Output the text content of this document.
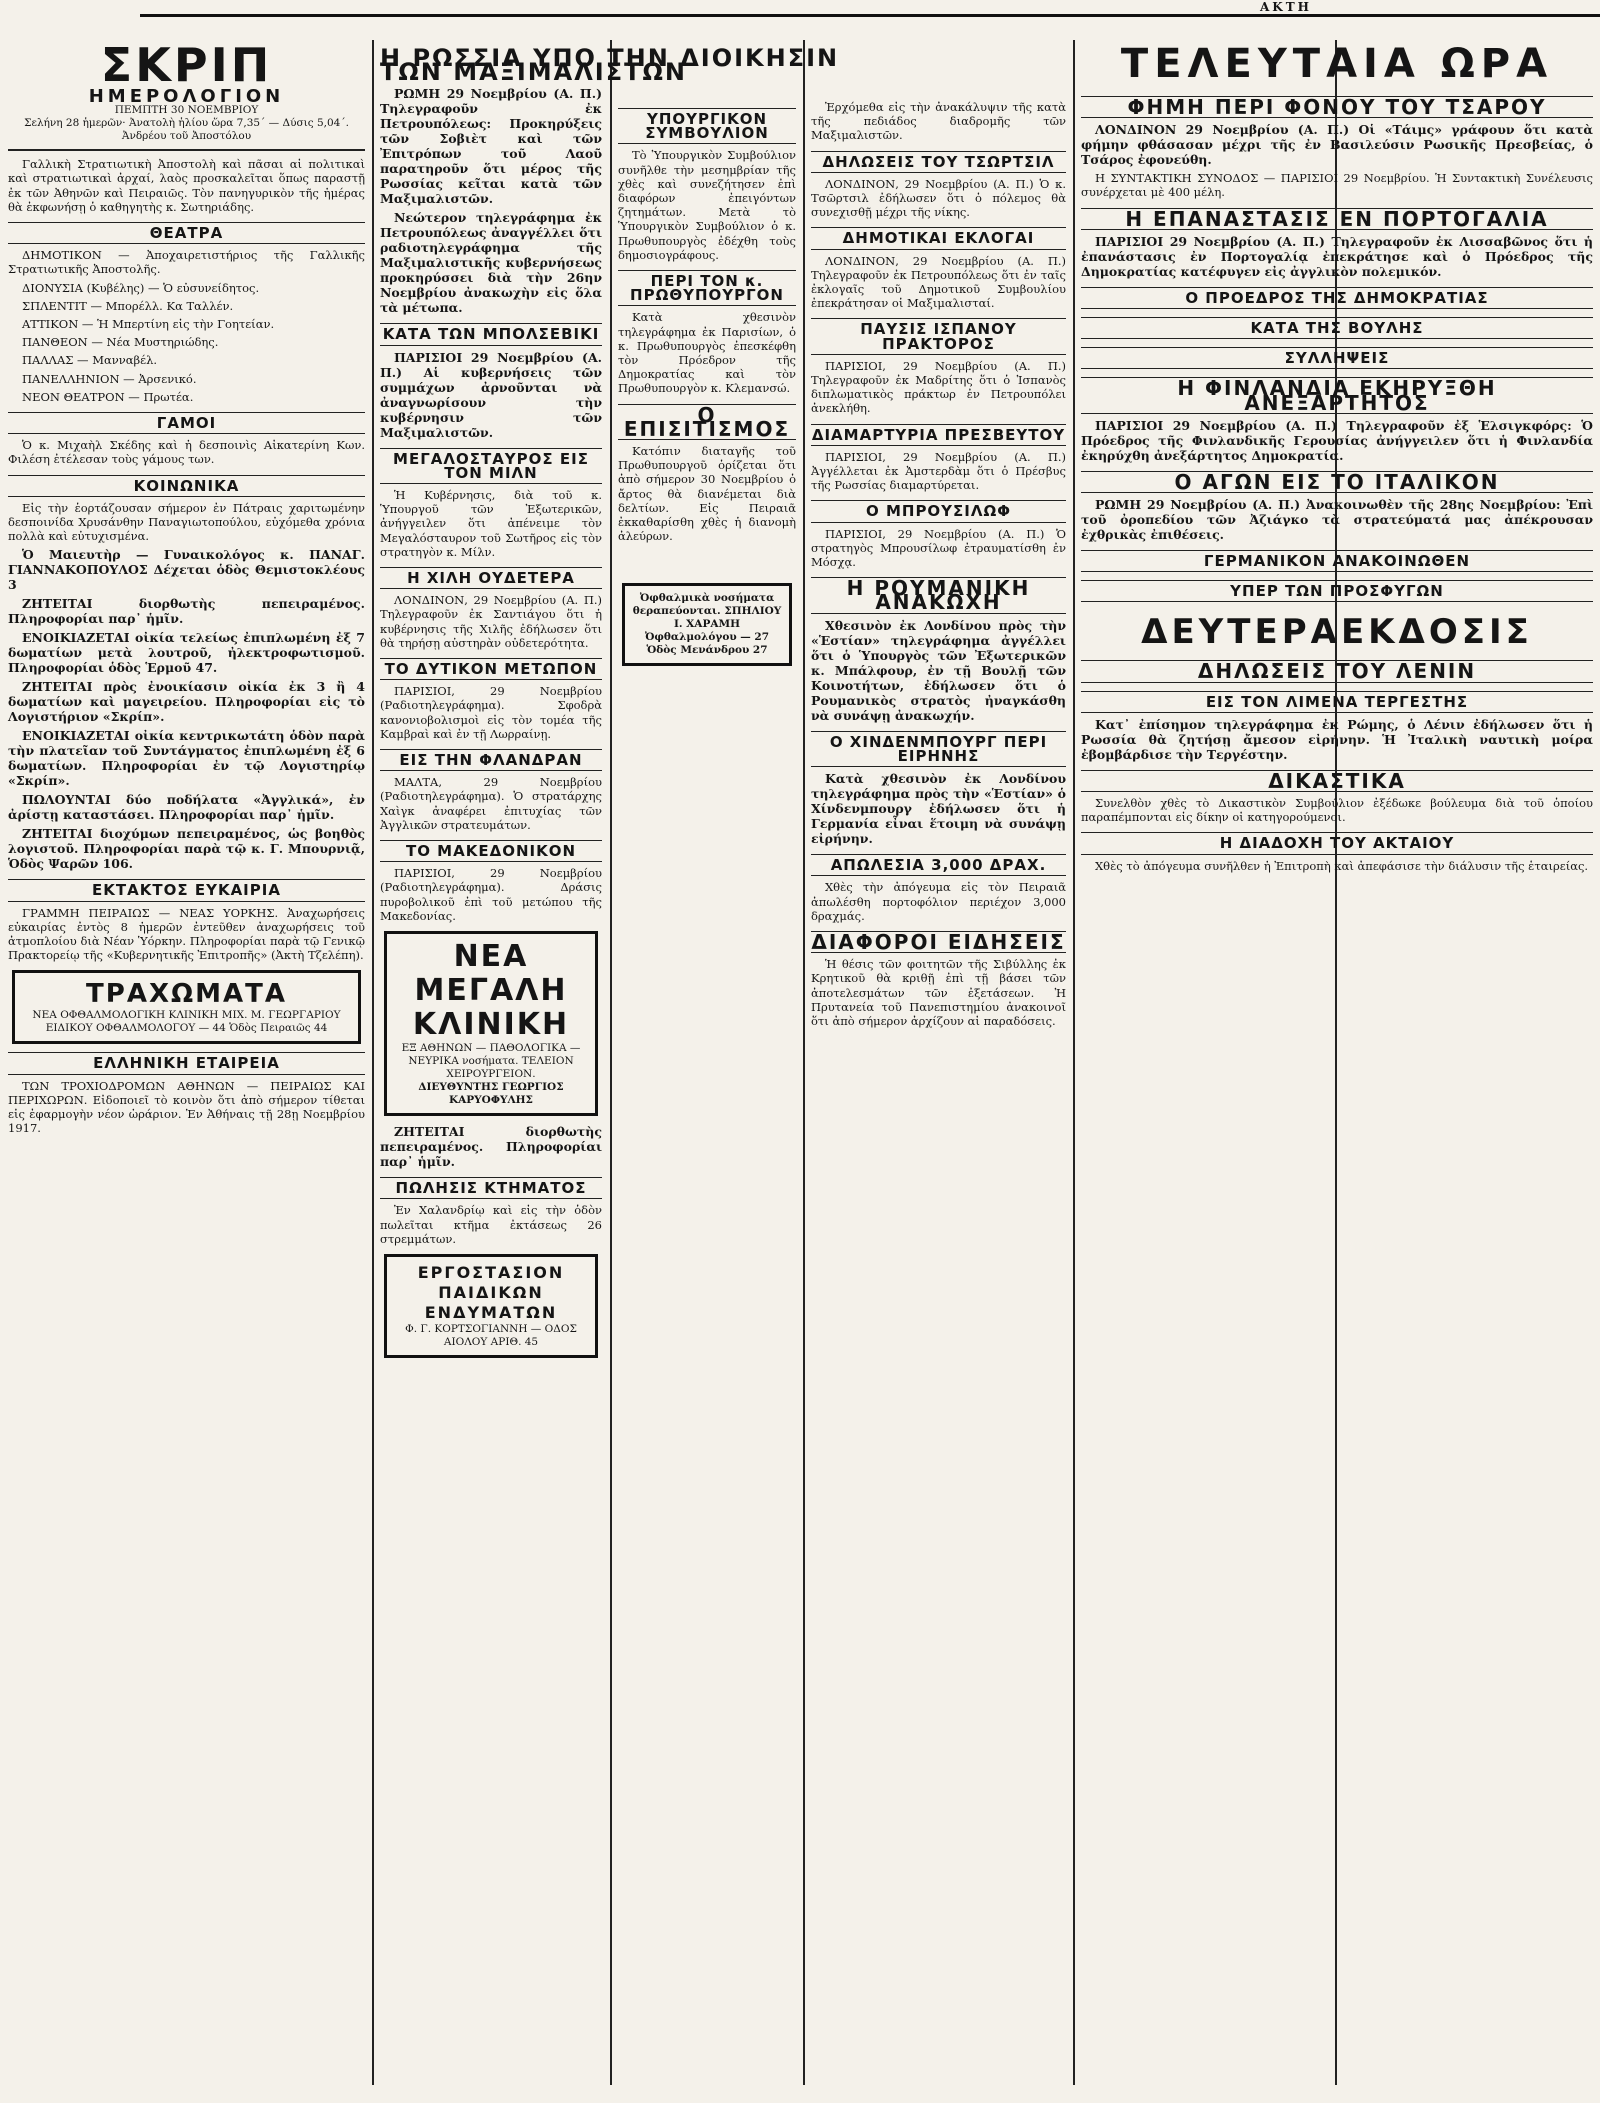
ΑΚΤΗ
ΣΚΡΙΠ
ΗΜΕΡΟΛΟΓΙΟΝ
ΠΕΜΠΤΗ 30 ΝΟΕΜΒΡΙΟΥ
Σελήνη 28 ἡμερῶν· Ἀνατολὴ ἡλίου ὥρα 7,35΄ — Δύσις 5,04΄. Ἀνδρέου τοῦ Ἀποστόλου

Γαλλικὴ Στρατιωτικὴ Ἀποστολὴ καὶ πᾶσαι αἱ πολιτικαὶ καὶ στρατιωτικαὶ ἀρχαί, λαὸς προσκαλεῖται ὅπως παραστῇ ἐκ τῶν Ἀθηνῶν καὶ Πειραιῶς. Τὸν πανηγυρικὸν τῆς ἡμέρας θὰ ἐκφωνήσῃ ὁ καθηγητὴς κ. Σωτηριάδης.

ΘΕΑΤΡΑ

ΔΗΜΟΤΙΚΟΝ — Ἀποχαιρετιστήριος τῆς Γαλλικῆς Στρατιωτικῆς Ἀποστολῆς.

ΔΙΟΝΥΣΙΑ (Κυβέλης) — Ὁ εὐσυνείδητος.

ΣΠΛΕΝΤΙΤ — Μπορέλλ. Κα Ταλλέν.

ΑΤΤΙΚΟΝ — Ἡ Μπερτίνη εἰς τὴν Γοητείαν.

ΠΑΝΘΕΟΝ — Νέα Μυστηριώδης.

ΠΑΛΛΑΣ — Μανναβέλ.

ΠΑΝΕΛΛΗΝΙΟΝ — Ἀρσενικό.

ΝΕΟΝ ΘΕΑΤΡΟΝ — Πρωτέα.

ΓΑΜΟΙ

Ὁ κ. Μιχαὴλ Σκέδης καὶ ἡ δεσποινὶς Αἰκατερίνη Κων. Φιλέση ἐτέλεσαν τοὺς γάμους των.

ΚΟΙΝΩΝΙΚΑ

Εἰς τὴν ἑορτάζουσαν σήμερον ἐν Πάτραις χαριτωμένην δεσποινίδα Χρυσάνθην Παναγιωτοπούλου, εὐχόμεθα χρόνια πολλὰ καὶ εὐτυχισμένα.

Ὁ Μαιευτὴρ — Γυναικολόγος κ. ΠΑΝΑΓ. ΓΙΑΝΝΑΚΟΠΟΥΛΟΣ Δέχεται ὁδὸς Θεμιστοκλέους 3

ΖΗΤΕΙΤΑΙ διορθωτὴς πεπειραμένος. Πληροφορίαι παρ᾽ ἡμῖν.

ΕΝΟΙΚΙΑΖΕΤΑΙ οἰκία τελείως ἐπιπλωμένη ἐξ 7 δωματίων μετὰ λουτροῦ, ἠλεκτροφωτισμοῦ. Πληροφορίαι ὁδὸς Ἑρμοῦ 47.

ΖΗΤΕΙΤΑΙ πρὸς ἐνοικίασιν οἰκία ἐκ 3 ἢ 4 δωματίων καὶ μαγειρείου. Πληροφορίαι εἰς τὸ Λογιστήριον «Σκρίπ».

ΕΝΟΙΚΙΑΖΕΤΑΙ οἰκία κεντρικωτάτη ὁδὸν παρὰ τὴν πλατεῖαν τοῦ Συντάγματος ἐπιπλωμένη ἐξ 6 δωματίων. Πληροφορίαι ἐν τῷ Λογιστηρίῳ «Σκρίπ».

ΠΩΛΟΥΝΤΑΙ δύο ποδήλατα «Ἀγγλικά», ἐν ἀρίστῃ καταστάσει. Πληροφορίαι παρ᾽ ἡμῖν.

ΖΗΤΕΙΤΑΙ διοχύμων πεπειραμένος, ὡς βοηθὸς λογιστοῦ. Πληροφορίαι παρὰ τῷ κ. Γ. Μπουρνιᾷ, Ὁδὸς Ψαρῶν 106.

ΕΚΤΑΚΤΟΣ ΕΥΚΑΙΡΙΑ

ΓΡΑΜΜΗ ΠΕΙΡΑΙΩΣ — ΝΕΑΣ ΥΟΡΚΗΣ. Ἀναχωρήσεις εὐκαιρίας ἐντὸς 8 ἡμερῶν ἐντεῦθεν ἀναχωρήσεις τοῦ ἀτμοπλοίου διὰ Νέαν Ὑόρκην. Πληροφορίαι παρὰ τῷ Γενικῷ Πρακτορείῳ τῆς «Κυβερνητικῆς Ἐπιτροπῆς» (Ἀκτὴ Τζελέπη).

ΤΡΑΧΩΜΑΤΑ
ΝΕΑ ΟΦΘΑΛΜΟΛΟΓΙΚΗ ΚΛΙΝΙΚΗ ΜΙΧ. Μ. ΓΕΩΡΓΑΡΙΟΥ ΕΙΔΙΚΟΥ ΟΦΘΑΛΜΟΛΟΓΟΥ — 44 Ὁδὸς Πειραιῶς 44
ΕΛΛΗΝΙΚΗ ΕΤΑΙΡΕΙΑ

ΤΩΝ ΤΡΟΧΙΟΔΡΟΜΩΝ ΑΘΗΝΩΝ — ΠΕΙΡΑΙΩΣ ΚΑΙ ΠΕΡΙΧΩΡΩΝ. Εἰδοποιεῖ τὸ κοινὸν ὅτι ἀπὸ σήμερον τίθεται εἰς ἐφαρμογὴν νέον ὡράριον. Ἐν Ἀθήναις τῇ 28ῃ Νοεμβρίου 1917.

Η ΡΩΣΣΙΑ ΥΠΟ ΤΗΝ ΔΙΟΙΚΗΣΙΝ ΤΩΝ ΜΑΞΙΜΑΛΙΣΤΩΝ

ΡΩΜΗ 29 Νοεμβρίου (Α. Π.) Τηλεγραφοῦν ἐκ Πετρουπόλεως: Προκηρύξεις τῶν Σοβιὲτ καὶ τῶν Ἐπιτρόπων τοῦ Λαοῦ παρατηροῦν ὅτι μέρος τῆς Ρωσσίας κεῖται κατὰ τῶν Μαξιμαλιστῶν.

Νεώτερον τηλεγράφημα ἐκ Πετρουπόλεως ἀναγγέλλει ὅτι ραδιοτηλεγράφημα τῆς Μαξιμαλιστικῆς κυβερνήσεως προκηρύσσει διὰ τὴν 26ην Νοεμβρίου ἀνακωχὴν εἰς ὅλα τὰ μέτωπα.

ΚΑΤΑ ΤΩΝ ΜΠΟΛΣΕΒΙΚΙ

ΠΑΡΙΣΙΟΙ 29 Νοεμβρίου (Α. Π.) Αἱ κυβερνήσεις τῶν συμμάχων ἀρνοῦνται νὰ ἀναγνωρίσουν τὴν κυβέρνησιν τῶν Μαξιμαλιστῶν.

ΜΕΓΑΛΟΣΤΑΥΡΟΣ ΕΙΣ ΤΟΝ ΜΙΛΝ

Ἡ Κυβέρνησις, διὰ τοῦ κ. Ὑπουργοῦ τῶν Ἐξωτερικῶν, ἀνήγγειλεν ὅτι ἀπένειμε τὸν Μεγαλόσταυρον τοῦ Σωτῆρος εἰς τὸν στρατηγὸν κ. Μίλν.

Η ΧΙΛΗ ΟΥΔΕΤΕΡΑ

ΛΟΝΔΙΝΟΝ, 29 Νοεμβρίου (Α. Π.) Τηλεγραφοῦν ἐκ Σαντιάγου ὅτι ἡ κυβέρνησις τῆς Χιλῆς ἐδήλωσεν ὅτι θὰ τηρήσῃ αὐστηρὰν οὐδετερότητα.

ΤΟ ΔΥΤΙΚΟΝ ΜΕΤΩΠΟΝ

ΠΑΡΙΣΙΟΙ, 29 Νοεμβρίου (Ραδιοτηλεγράφημα). Σφοδρὰ κανονιοβολισμοὶ εἰς τὸν τομέα τῆς Καμβραὶ καὶ ἐν τῇ Λωρραίνῃ.

ΕΙΣ ΤΗΝ ΦΛΑΝΔΡΑΝ

ΜΑΛΤΑ, 29 Νοεμβρίου (Ραδιοτηλεγράφημα). Ὁ στρατάρχης Χαὶγκ ἀναφέρει ἐπιτυχίας τῶν Ἀγγλικῶν στρατευμάτων.

ΤΟ ΜΑΚΕΔΟΝΙΚΟΝ

ΠΑΡΙΣΙΟΙ, 29 Νοεμβρίου (Ραδιοτηλεγράφημα). Δράσις πυροβολικοῦ ἐπὶ τοῦ μετώπου τῆς Μακεδονίας.

ΝΕΑ ΜΕΓΑΛΗ ΚΛΙΝΙΚΗ
ΕΞ ΑΘΗΝΩΝ — ΠΑΘΟΛΟΓΙΚΑ — ΝΕΥΡΙΚΑ νοσήματα. ΤΕΛΕΙΟΝ ΧΕΙΡΟΥΡΓΕΙΟΝ.
ΔΙΕΥΘΥΝΤΗΣ ΓΕΩΡΓΙΟΣ ΚΑΡΥΟΦΥΛΗΣ

ΖΗΤΕΙΤΑΙ διορθωτὴς πεπειραμένος. Πληροφορίαι παρ᾽ ἡμῖν.

ΠΩΛΗΣΙΣ ΚΤΗΜΑΤΟΣ

Ἐν Χαλανδρίῳ καὶ εἰς τὴν ὁδὸν πωλεῖται κτῆμα ἐκτάσεως 26 στρεμμάτων.

ΕΡΓΟΣΤΑΣΙΟΝ ΠΑΙΔΙΚΩΝ ΕΝΔΥΜΑΤΩΝ
Φ. Γ. ΚΟΡΤΣΟΓΙΑΝΝΗ — ΟΔΟΣ ΑΙΟΛΟΥ ΑΡΙΘ. 45
ΥΠΟΥΡΓΙΚΟΝ ΣΥΜΒΟΥΛΙΟΝ

Τὸ Ὑπουργικὸν Συμβούλιον συνῆλθε τὴν μεσημβρίαν τῆς χθὲς καὶ συνεζήτησεν ἐπὶ διαφόρων ἐπειγόντων ζητημάτων. Μετὰ τὸ Ὑπουργικὸν Συμβούλιον ὁ κ. Πρωθυπουργὸς ἐδέχθη τοὺς δημοσιογράφους.

ΠΕΡΙ ΤΟΝ κ. ΠΡΩΘΥΠΟΥΡΓΟΝ

Κατὰ χθεσινὸν τηλεγράφημα ἐκ Παρισίων, ὁ κ. Πρωθυπουργὸς ἐπεσκέφθη τὸν Πρόεδρον τῆς Δημοκρατίας καὶ τὸν Πρωθυπουργὸν κ. Κλεμανσώ.

Ο ΕΠΙΣΙΤΙΣΜΟΣ

Κατόπιν διαταγῆς τοῦ Πρωθυπουργοῦ ὁρίζεται ὅτι ἀπὸ σήμερον 30 Νοεμβρίου ὁ ἄρτος θὰ διανέμεται διὰ δελτίων. Εἰς Πειραιᾶ ἐκκαθαρίσθη χθὲς ἡ διανομὴ ἀλεύρων.

Ὀφθαλμικὰ νοσήματα θεραπεύονται. ΣΠΗΛΙΟΥ Ι. ΧΑΡΑΜΗ Ὀφθαλμολόγου — 27 Ὁδὸς Μενάνδρου 27

Ἐρχόμεθα εἰς τὴν ἀνακάλυψιν τῆς κατὰ τῆς πεδιάδος διαδρομῆς τῶν Μαξιμαλιστῶν.

ΔΗΛΩΣΕΙΣ ΤΟΥ ΤΣΩΡΤΣΙΛ

ΛΟΝΔΙΝΟΝ, 29 Νοεμβρίου (Α. Π.) Ὁ κ. Τσῶρτσιλ ἐδήλωσεν ὅτι ὁ πόλεμος θὰ συνεχισθῇ μέχρι τῆς νίκης.

ΔΗΜΟΤΙΚΑΙ ΕΚΛΟΓΑΙ

ΛΟΝΔΙΝΟΝ, 29 Νοεμβρίου (Α. Π.) Τηλεγραφοῦν ἐκ Πετρουπόλεως ὅτι ἐν ταῖς ἐκλογαῖς τοῦ Δημοτικοῦ Συμβουλίου ἐπεκράτησαν οἱ Μαξιμαλισταί.

ΠΑΥΣΙΣ ΙΣΠΑΝΟΥ ΠΡΑΚΤΟΡΟΣ

ΠΑΡΙΣΙΟΙ, 29 Νοεμβρίου (Α. Π.) Τηλεγραφοῦν ἐκ Μαδρίτης ὅτι ὁ Ἱσπανὸς διπλωματικὸς πράκτωρ ἐν Πετρουπόλει ἀνεκλήθη.

ΔΙΑΜΑΡΤΥΡΙΑ ΠΡΕΣΒΕΥΤΟΥ

ΠΑΡΙΣΙΟΙ, 29 Νοεμβρίου (Α. Π.) Ἀγγέλλεται ἐκ Ἀμστερδὰμ ὅτι ὁ Πρέσβυς τῆς Ρωσσίας διαμαρτύρεται.

Ο ΜΠΡΟΥΣΙΛΩΦ

ΠΑΡΙΣΙΟΙ, 29 Νοεμβρίου (Α. Π.) Ὁ στρατηγὸς Μπρουσίλωφ ἐτραυματίσθη ἐν Μόσχᾳ.

Η ΡΟΥΜΑΝΙΚΗ ΑΝΑΚΩΧΗ

Χθεσινὸν ἐκ Λονδίνου πρὸς τὴν «Ἑστίαν» τηλεγράφημα ἀγγέλλει ὅτι ὁ Ὑπουργὸς τῶν Ἐξωτερικῶν κ. Μπάλφουρ, ἐν τῇ Βουλῇ τῶν Κοινοτήτων, ἐδήλωσεν ὅτι ὁ Ρουμανικὸς στρατὸς ἠναγκάσθη νὰ συνάψῃ ἀνακωχήν.

Ο ΧΙΝΔΕΝΜΠΟΥΡΓ ΠΕΡΙ ΕΙΡΗΝΗΣ

Κατὰ χθεσινὸν ἐκ Λονδίνου τηλεγράφημα πρὸς τὴν «Ἑστίαν» ὁ Χίνδενμπουργ ἐδήλωσεν ὅτι ἡ Γερμανία εἶναι ἕτοιμη νὰ συνάψῃ εἰρήνην.

ΑΠΩΛΕΣΙΑ 3,000 ΔΡΑΧ.

Χθὲς τὴν ἀπόγευμα εἰς τὸν Πειραιᾶ ἀπωλέσθη πορτοφόλιον περιέχον 3,000 δραχμάς.

ΔΙΑΦΟΡΟΙ ΕΙΔΗΣΕΙΣ

Ἡ θέσις τῶν φοιτητῶν τῆς Σιβύλλης ἐκ Κρητικοῦ θὰ κριθῇ ἐπὶ τῇ βάσει τῶν ἀποτελεσμάτων τῶν ἐξετάσεων. Ἡ Πρυτανεία τοῦ Πανεπιστημίου ἀνακοινοῖ ὅτι ἀπὸ σήμερον ἀρχίζουν αἱ παραδόσεις.

ΤΕΛΕΥΤΑΙΑ ΩΡΑ
ΦΗΜΗ ΠΕΡΙ ΦΟΝΟΥ ΤΟΥ ΤΣΑΡΟΥ

ΛΟΝΔΙΝΟΝ 29 Νοεμβρίου (Α. Π.) Οἱ «Τάιμς» γράφουν ὅτι κατὰ φήμην φθάσασαν μέχρι τῆς ἐν Βασιλεύσιν Ρωσικῆς Πρεσβείας, ὁ Τσάρος ἐφονεύθη.

Η ΣΥΝΤΑΚΤΙΚΗ ΣΥΝΟΔΟΣ — ΠΑΡΙΣΙΟΙ 29 Νοεμβρίου. Ἡ Συντακτικὴ Συνέλευσις συνέρχεται μὲ 400 μέλη.

Η ΕΠΑΝΑΣΤΑΣΙΣ ΕΝ ΠΟΡΤΟΓΑΛΙΑ

ΠΑΡΙΣΙΟΙ 29 Νοεμβρίου (Α. Π.) Τηλεγραφοῦν ἐκ Λισσαβῶνος ὅτι ἡ ἐπανάστασις ἐν Πορτογαλίᾳ ἐπεκράτησε καὶ ὁ Πρόεδρος τῆς Δημοκρατίας κατέφυγεν εἰς ἀγγλικὸν πολεμικόν.

Ο ΠΡΟΕΔΡΟΣ ΤΗΣ ΔΗΜΟΚΡΑΤΙΑΣ
ΚΑΤΑ ΤΗΣ ΒΟΥΛΗΣ
ΣΥΛΛΗΨΕΙΣ
Η ΦΙΝΛΑΝΔΙΑ ΕΚΗΡΥΞΘΗ ΑΝΕΞΑΡΤΗΤΟΣ

ΠΑΡΙΣΙΟΙ 29 Νοεμβρίου (Α. Π.) Τηλεγραφοῦν ἐξ Ἑλσιγκφόρς: Ὁ Πρόεδρος τῆς Φινλανδικῆς Γερουσίας ἀνήγγειλεν ὅτι ἡ Φινλανδία ἐκηρύχθη ἀνεξάρτητος Δημοκρατία.

Ο ΑΓΩΝ ΕΙΣ ΤΟ ΙΤΑΛΙΚΟΝ

ΡΩΜΗ 29 Νοεμβρίου (Α. Π.) Ἀνακοινωθὲν τῆς 28ης Νοεμβρίου: Ἐπὶ τοῦ ὀροπεδίου τῶν Ἀζιάγκο τὰ στρατεύματά μας ἀπέκρουσαν ἐχθρικὰς ἐπιθέσεις.

ΓΕΡΜΑΝΙΚΟΝ ΑΝΑΚΟΙΝΩΘΕΝ
ΥΠΕΡ ΤΩΝ ΠΡΟΣΦΥΓΩΝ
ΔΕΥΤΕΡΑΕΚΔΟΣΙΣ
ΔΗΛΩΣΕΙΣ ΤΟΥ ΛΕΝΙΝ
ΕΙΣ ΤΟΝ ΛΙΜΕΝΑ ΤΕΡΓΕΣΤΗΣ

Κατ᾽ ἐπίσημον τηλεγράφημα ἐκ Ρώμης, ὁ Λένιν ἐδήλωσεν ὅτι ἡ Ρωσσία θὰ ζητήσῃ ἄμεσον εἰρήνην. Ἡ Ἰταλικὴ ναυτικὴ μοίρα ἐβομβάρδισε τὴν Τεργέστην.

ΔΙΚΑΣΤΙΚΑ

Συνελθὸν χθὲς τὸ Δικαστικὸν Συμβούλιον ἐξέδωκε βούλευμα διὰ τοῦ ὁποίου παραπέμπονται εἰς δίκην οἱ κατηγορούμενοι.

Η ΔΙΑΔΟΧΗ ΤΟΥ ΑΚΤΑΙΟΥ

Χθὲς τὸ ἀπόγευμα συνῆλθεν ἡ Ἐπιτροπὴ καὶ ἀπεφάσισε τὴν διάλυσιν τῆς ἑταιρείας.
